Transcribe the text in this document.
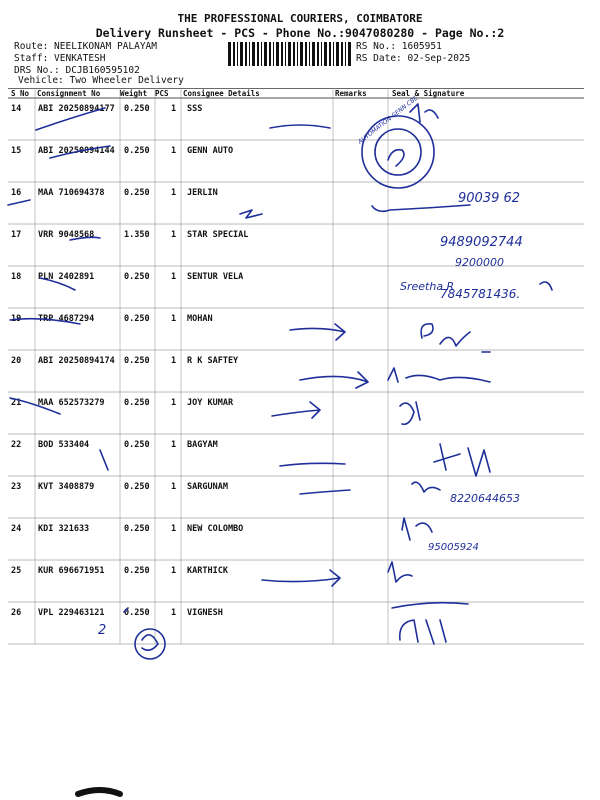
THE PROFESSIONAL COURIERS, COIMBATORE
Delivery Runsheet - PCS - Phone No.:9047080280 - Page No.:2
Route: NEELIKONAM PALAYAM
Staff: VENKATESH
DRS No.: DCJB160595102
Vehicle: Two Wheeler Delivery
RS No.: 1605951
RS Date: 02-Sep-2025
S No Consignment No	Weight PCS Consignee Details	Remarks	Seal & Signature
14 ABI 20250894177 0.250	1 SSS
15 ABI 20250894144 0.250	1 GENN AUTO
16 MAA 710694378 0.250	1 JERLIN
17 VRR 9048568	1.350	1 STAR SPECIAL
18 PLN 2402891	0.250	1 SENTUR VELA
19 TRP 4687294	0.250	1 MOHAN
20 ABI 20250894174 0.250	1 R K SAFTEY
21 MAA 652573279 0.250	1 JOY KUMAR
22 BOD 533404	0.250	1 BAGYAM
23 KVT 3408879	0.250	1 SARGUNAM
24 KDI 321633	0.250	1 NEW COLOMBO
25 KUR 696671951 0.250	1 KARTHICK
26 VPL 229463121 0.250	1 VIGNESH
AUTOMATION GENN CBE
90039 62
9489092744
9200000
Sreetha R
7845781436.
8220644653
95005924
2
